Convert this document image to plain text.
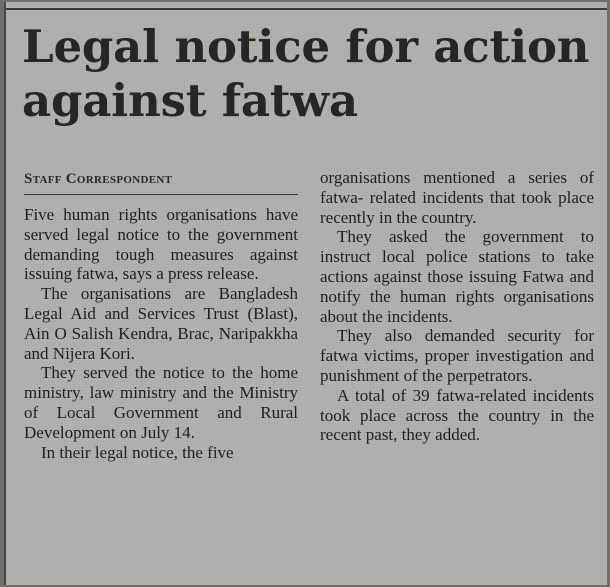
Legal notice for action against fatwa
Staff Correspondent

Five human rights organisations have served legal notice to the government demanding tough measures against issuing fatwa, says a press release.

The organisations are Bangladesh Legal Aid and Services Trust (Blast), Ain O Salish Kendra, Brac, Naripakkha and Nijera Kori.

They served the notice to the home ministry, law ministry and the Ministry of Local Government and Rural Development on July 14.

In their legal notice, the five

organisations mentioned a series of fatwa- related incidents that took place recently in the country.

They asked the government to instruct local police stations to take actions against those issuing Fatwa and notify the human rights organisations about the incidents.

They also demanded security for fatwa victims, proper investigation and punishment of the perpetrators.

A total of 39 fatwa-related incidents took place across the country in the recent past, they added.
